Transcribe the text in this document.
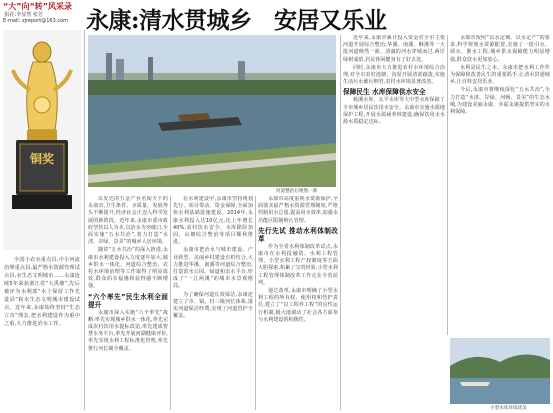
“大”向“转”风采录
·报社:李显然 张芳
E-mail: zjreport@163.com 永康:清水贯城乡　安居又乐业
铜奖

全国小农水重点县,中小河流治理重点县,最严格水资源管理试点县,水生态文明城市……永康连续5年荣获浙江省“大禹鼎”,先后被评为水利部“水土保持工作先进县”和水生态文明城市建设试点。近年来,永康始终坚持“生态立市”理念,把水利建设作为重中之重,大力推进治水工作。

河道整治后焕然一新

以发达的五金产业名闻天下的永康市,卫生条件、水质量、发展势头不断提升,经济社会正迈入科学发展的新阶段。近年来,永康市委市政府坚持以人为本,以治水为突破口,全面实施“五水共治”,着力打造“水清、岸绿、景美”的城乡人居环境。

随着“五水共治”的深入推进,永康市水利建设投入力度逐年加大,城乡供水一体化、河道综合整治、农村水环境治理等工作取得了明显成效,群众的幸福感和获得感不断增强。

“六个率先”民生水利全面提升

永康市深入实施“六个率先”战略:率先实现城乡供水一体化,率先完成农村饮用水提标改造,率先建成智慧水务平台,率先开展河湖健康评价,率先实现水利工程标准化管理,率先推行河长制全覆盖。

在水利建设中,永康市坚持规划先行、项目带动、资金保障,全面加快水利基础设施建设。2014年,永康水利投入达10亿元,比上年增长40%,农村饮水安全、水库除险加固、山塘综合整治等项目顺利推进。

永康市把治水与城市建设、产业转型、美丽乡村建设有机结合,大力推进华溪、南溪等河道综合整治,打造滨水公园、绿道和亲水平台,形成了“一江两溪”的城市水景观格局。

为了确保河道长效保洁,永康还建立了市、镇、村三级河长体系,落实河道保洁经费,实现了河道管护全覆盖。

永康市高度重视水资源保护,全面落实最严格水资源管理制度,严格控制用水总量,提高用水效率,加强水功能区限制纳污管理。

先行先试 推动水利体制改革

作为全省水利体制改革试点,永康市在水利投融资、水利工程管理、小型水利工程产权制度等方面大胆探索,积累了宝贵经验,小型水利工程管理体制改革工作走在全省前列。

通过改革,永康市明确了小型水利工程的所有权、使用权和管护责任,建立了“以工程养工程”的良性运行机制,极大地调动了社会各方面参与水利建设的积极性。

近年来,永康市累计投入资金对全市主要河道开展综合整治,华溪、南溪、酥溪等一大批河道焕然一新。清澈的河水穿城而过,两岸绿树成荫,居民休闲健身有了好去处。

同时,永康市大力推进农村水环境综合治理,对全市农村池塘、沟渠开展清淤疏浚,实施生活污水截污纳管,农村水环境显著改善。

保障民生 水库保障供水安全

杨溪水库、太平水库等大中型水库保障了全市城乡居民饮用水安全。永康市实施水源地保护工程,开展水源涵养林建设,确保饮用水水源水质稳定达标。

永康市按照“以水定城、以水定产”的要求,科学规划水资源配置,实施了一批引水、调水、蓄水工程,城乡供水保障能力明显增强,群众饮水更加放心。

水利是民生之本。永康市把水利工作作为保障和改善民生的重要抓手,让清水贯通城乡,让百姓安居乐业。

今后,永康市将继续深化“五水共治”,全力打造“水清、岸绿、河畅、景美”的生态水城,为建设美丽永康、幸福永康提供坚实的水利保障。

小型水库环境优美
